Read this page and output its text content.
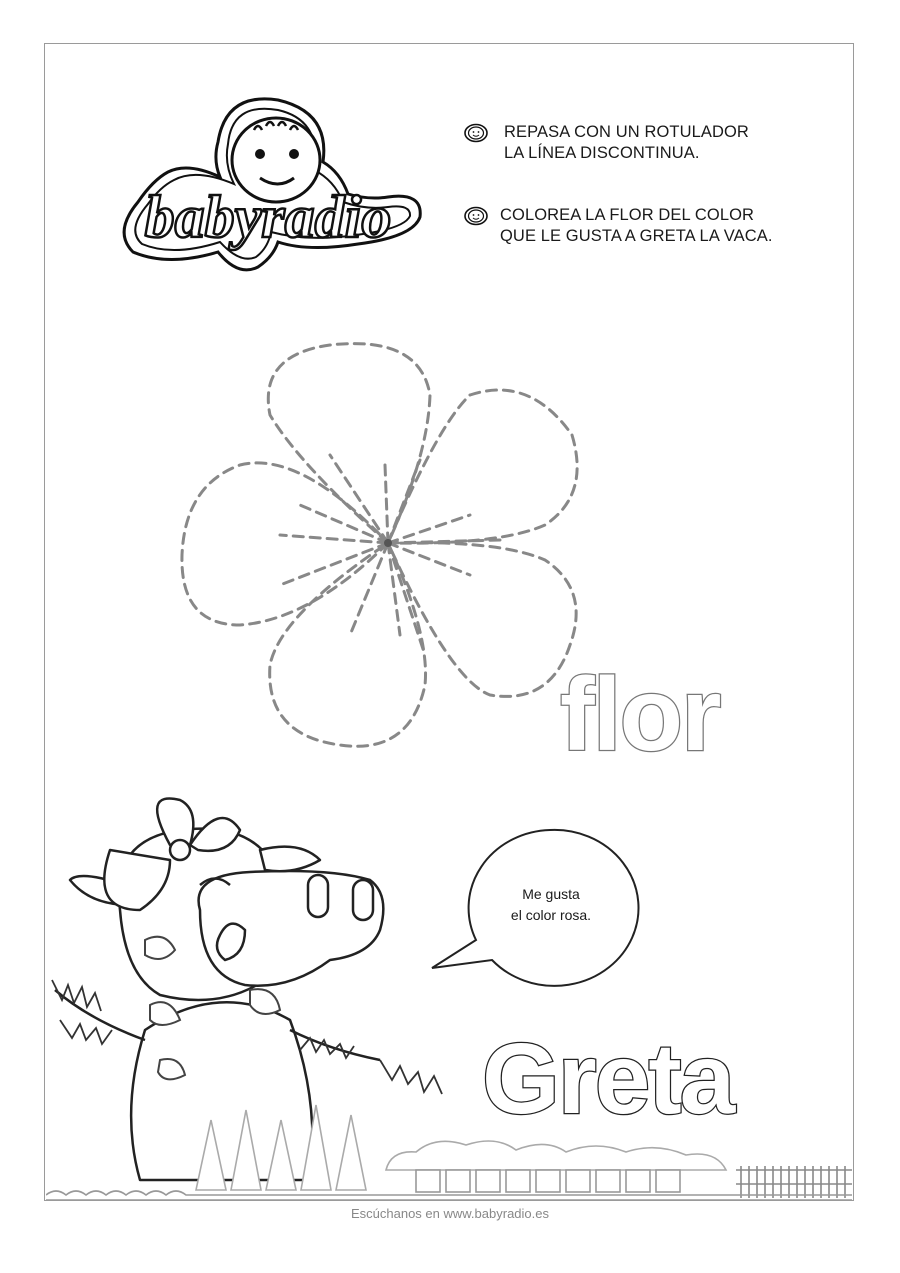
babyradio
REPASA CON UN ROTULADOR
LA LÍNEA DISCONTINUA.
COLOREA LA FLOR DEL COLOR
QUE LE GUSTA A GRETA LA VACA.
flor
Me gusta
el color rosa.
Greta
Escúchanos en www.babyradio.es
